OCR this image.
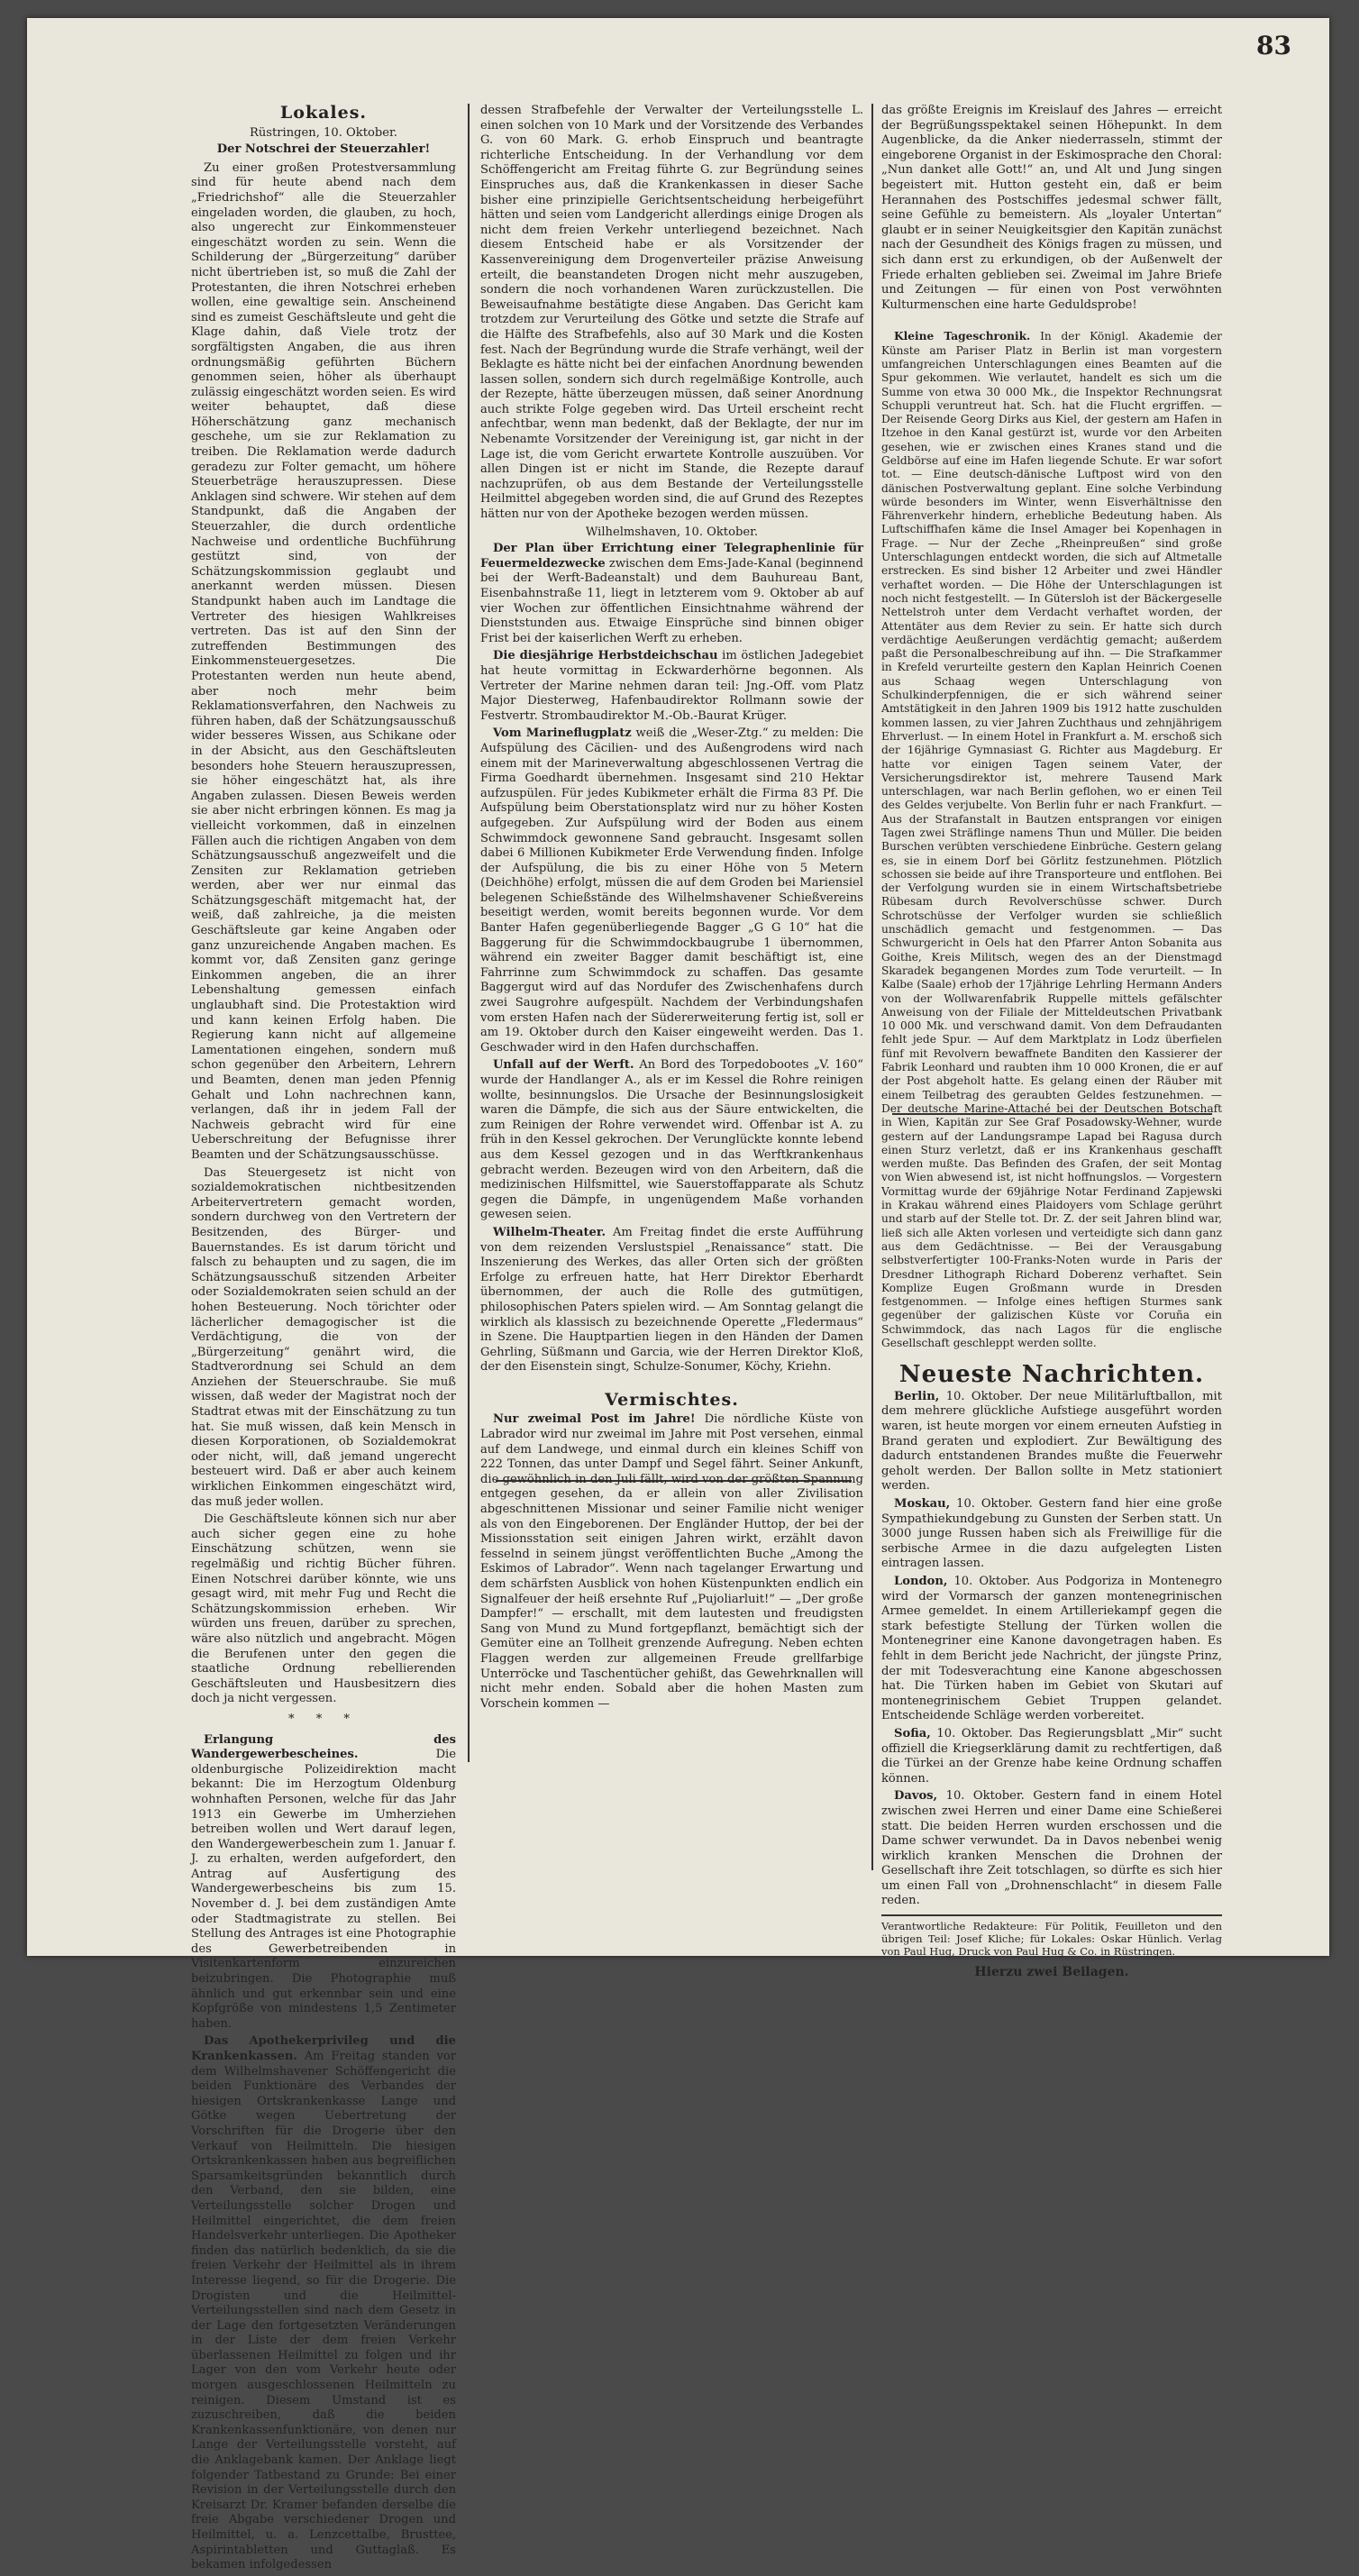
83
Lokales.

Rüstringen, 10. Oktober.

Der Notschrei der Steuerzahler!

Zu einer großen Protestversammlung sind für heute abend nach dem „Friedrichshof“ alle die Steuerzahler eingeladen worden, die glauben, zu hoch, also ungerecht zur Einkommensteuer eingeschätzt worden zu sein. Wenn die Schilderung der „Bürgerzeitung“ darüber nicht übertrieben ist, so muß die Zahl der Protestanten, die ihren Notschrei erheben wollen, eine gewaltige sein. Anscheinend sind es zumeist Geschäftsleute und geht die Klage dahin, daß Viele trotz der sorgfältigsten Angaben, die aus ihren ordnungsmäßig geführten Büchern genommen seien, höher als überhaupt zulässig eingeschätzt worden seien. Es wird weiter behauptet, daß diese Höherschätzung ganz mechanisch geschehe, um sie zur Reklamation zu treiben. Die Reklamation werde dadurch geradezu zur Folter gemacht, um höhere Steuerbeträge herauszupressen. Diese Anklagen sind schwere. Wir stehen auf dem Standpunkt, daß die Angaben der Steuerzahler, die durch ordentliche Nachweise und ordentliche Buchführung gestützt sind, von der Schätzungskommission geglaubt und anerkannt werden müssen. Diesen Standpunkt haben auch im Landtage die Vertreter des hiesigen Wahlkreises vertreten. Das ist auf den Sinn der zutreffenden Bestimmungen des Einkommensteuergesetzes. Die Protestanten werden nun heute abend, aber noch mehr beim Reklamationsverfahren, den Nachweis zu führen haben, daß der Schätzungsausschuß wider besseres Wissen, aus Schikane oder in der Absicht, aus den Geschäftsleuten besonders hohe Steuern herauszupressen, sie höher eingeschätzt hat, als ihre Angaben zulassen. Diesen Beweis werden sie aber nicht erbringen können. Es mag ja vielleicht vorkommen, daß in einzelnen Fällen auch die richtigen Angaben von dem Schätzungsausschuß angezweifelt und die Zensiten zur Reklamation getrieben werden, aber wer nur einmal das Schätzungsgeschäft mitgemacht hat, der weiß, daß zahlreiche, ja die meisten Geschäftsleute gar keine Angaben oder ganz unzureichende Angaben machen. Es kommt vor, daß Zensiten ganz geringe Einkommen angeben, die an ihrer Lebenshaltung gemessen einfach unglaubhaft sind. Die Protestaktion wird und kann keinen Erfolg haben. Die Regierung kann nicht auf allgemeine Lamentationen eingehen, sondern muß schon gegenüber den Arbeitern, Lehrern und Beamten, denen man jeden Pfennig Gehalt und Lohn nachrechnen kann, verlangen, daß ihr in jedem Fall der Nachweis gebracht wird für eine Ueberschreitung der Befugnisse ihrer Beamten und der Schätzungsausschüsse.

Das Steuergesetz ist nicht von sozialdemokratischen nichtbesitzenden Arbeitervertretern gemacht worden, sondern durchweg von den Vertretern der Besitzenden, des Bürger- und Bauernstandes. Es ist darum töricht und falsch zu behaupten und zu sagen, die im Schätzungsausschuß sitzenden Arbeiter oder Sozialdemokraten seien schuld an der hohen Besteuerung. Noch törichter oder lächerlicher demagogischer ist die Verdächtigung, die von der „Bürgerzeitung“ genährt wird, die Stadtverordnung sei Schuld an dem Anziehen der Steuerschraube. Sie muß wissen, daß weder der Magistrat noch der Stadtrat etwas mit der Einschätzung zu tun hat. Sie muß wissen, daß kein Mensch in diesen Korporationen, ob Sozialdemokrat oder nicht, will, daß jemand ungerecht besteuert wird. Daß er aber auch keinem wirklichen Einkommen eingeschätzt wird, das muß jeder wollen.

Die Geschäftsleute können sich nur aber auch sicher gegen eine zu hohe Einschätzung schützen, wenn sie regelmäßig und richtig Bücher führen. Einen Notschrei darüber könnte, wie uns gesagt wird, mit mehr Fug und Recht die Schätzungskommission erheben. Wir würden uns freuen, darüber zu sprechen, wäre also nützlich und angebracht. Mögen die Berufenen unter den gegen die staatliche Ordnung rebellierenden Geschäftsleuten und Hausbesitzern dies doch ja nicht vergessen.

* * *

Erlangung des Wandergewerbescheines.	Die oldenburgische Polizeidirektion macht bekannt: Die im Herzogtum Oldenburg wohnhaften Personen, welche für das Jahr 1913 ein Gewerbe im Umherziehen betreiben wollen und Wert darauf legen, den Wandergewerbeschein zum 1. Januar f. J. zu erhalten, werden aufgefordert, den Antrag auf Ausfertigung des Wandergewerbescheins bis zum 15. November d. J. bei dem zuständigen Amte oder Stadtmagistrate zu stellen. Bei Stellung des Antrages ist eine Photographie des Gewerbetreibenden in Visitenkartenform einzureichen beizubringen. Die Photographie muß ähnlich und gut erkennbar sein und eine Kopfgröße von mindestens 1,5 Zentimeter haben.

Das Apothekerprivileg und die Krankenkassen. Am Freitag standen vor dem Wilhelmshavener Schöffengericht die beiden Funktionäre des Verbandes der hiesigen Ortskrankenkasse Lange und Götke wegen Uebertretung der Vorschriften für die Drogerie über den Verkauf von Heilmitteln. Die hiesigen Ortskrankenkassen haben aus begreiflichen Sparsamkeitsgründen bekanntlich durch den Verband, den sie bilden, eine Verteilungsstelle solcher Drogen und Heilmittel eingerichtet, die dem freien Handelsverkehr unterliegen. Die Apotheker finden das natürlich bedenklich, da sie die freien Verkehr der Heilmittel als in ihrem Interesse liegend, so für die Drogerie. Die Drogisten und die Heilmittel-Verteilungsstellen sind nach dem Gesetz in der Lage den fortgesetzten Veränderungen in der Liste der dem freien Verkehr überlassenen Heilmittel zu folgen und ihr Lager von den vom Verkehr heute oder morgen ausgeschlossenen Heilmitteln zu reinigen. Diesem Umstand ist es zuzuschreiben, daß die beiden Krankenkassenfunktionäre, von denen nur Lange der Verteilungsstelle vorsteht, auf die Anklagebank kamen. Der Anklage liegt folgender Tatbestand zu Grunde: Bei einer Revision in der Verteilungsstelle durch den Kreisarzt Dr. Kramer befanden derselbe die freie Abgabe verschiedener Drogen und Heilmittel, u. a. Lenzcettalbe, Brusttee, Aspirintabletten und Guttaglaß. Es bekamen infolgedessen

dessen Strafbefehle der Verwalter der Verteilungsstelle L. einen solchen von 10 Mark und der Vorsitzende des Verbandes G. von 60 Mark. G. erhob Einspruch und beantragte richterliche Entscheidung. In der Verhandlung vor dem Schöffengericht am Freitag führte G. zur Begründung seines Einspruches aus, daß die Krankenkassen in dieser Sache bisher eine prinzipielle Gerichtsentscheidung herbeigeführt hätten und seien vom Landgericht allerdings einige Drogen als nicht dem freien Verkehr unterliegend bezeichnet. Nach diesem Entscheid habe er als Vorsitzender der Kassenvereinigung dem Drogenverteiler präzise Anweisung erteilt, die beanstandeten Drogen nicht mehr auszugeben, sondern die noch vorhandenen Waren zurückzustellen. Die Beweisaufnahme bestätigte diese Angaben. Das Gericht kam trotzdem zur Verurteilung des Götke und setzte die Strafe auf die Hälfte des Strafbefehls, also auf 30 Mark und die Kosten fest. Nach der Begründung wurde die Strafe verhängt, weil der Beklagte es hätte nicht bei der einfachen Anordnung bewenden lassen sollen, sondern sich durch regelmäßige Kontrolle, auch der Rezepte, hätte überzeugen müssen, daß seiner Anordnung auch strikte Folge gegeben wird. Das Urteil erscheint recht anfechtbar, wenn man bedenkt, daß der Beklagte, der nur im Nebenamte Vorsitzender der Vereinigung ist, gar nicht in der Lage ist, die vom Gericht erwartete Kontrolle auszuüben. Vor allen Dingen ist er nicht im Stande, die Rezepte darauf nachzuprüfen, ob aus dem Bestande der Verteilungsstelle Heilmittel abgegeben worden sind, die auf Grund des Rezeptes hätten nur von der Apotheke bezogen werden müssen.

Wilhelmshaven, 10. Oktober.

Der Plan über Errichtung einer Telegraphenlinie für Feuermeldezwecke zwischen dem Ems-Jade-Kanal (beginnend bei der Werft-Badeanstalt) und dem Bauhureau Bant, Eisenbahnstraße 11, liegt in letzterem vom 9. Oktober ab auf vier Wochen zur öffentlichen Einsichtnahme während der Dienststunden aus. Etwaige Einsprüche sind binnen obiger Frist bei der kaiserlichen Werft zu erheben.

Die diesjährige Herbstdeichschau im östlichen Jadegebiet hat heute vormittag in Eckwarderhörne begonnen. Als Vertreter der Marine nehmen daran teil: Jng.-Off. vom Platz Major Diesterweg, Hafenbaudirektor Rollmann sowie der Festvertr. Strombaudirektor M.-Ob.-Baurat Krüger.

Vom Marineflugplatz weiß die „Weser-Ztg.“ zu melden: Die Aufspülung des Cäcilien- und des Außengrodens wird nach einem mit der Marineverwaltung abgeschlossenen Vertrag die Firma Goedhardt übernehmen. Insgesamt sind 210 Hektar aufzuspülen. Für jedes Kubikmeter erhält die Firma 83 Pf. Die Aufspülung beim Oberstationsplatz wird nur zu höher Kosten aufgegeben. Zur Aufspülung wird der Boden aus einem Schwimmdock gewonnene Sand gebraucht. Insgesamt sollen dabei 6 Millionen Kubikmeter Erde Verwendung finden. Infolge der Aufspülung, die bis zu einer Höhe von 5 Metern (Deichhöhe) erfolgt, müssen die auf dem Groden bei Mariensiel belegenen Schießstände des Wilhelmshavener Schießvereins beseitigt werden, womit bereits begonnen wurde. Vor dem Banter Hafen gegenüberliegende Bagger „G G 10“ hat die Baggerung für die Schwimmdockbaugrube 1 übernommen, während ein zweiter Bagger damit beschäftigt ist, eine Fahrrinne zum Schwimmdock zu schaffen. Das gesamte Baggergut wird auf das Nordufer des Zwischenhafens durch zwei Saugrohre aufgespült. Nachdem der Verbindungshafen vom ersten Hafen nach der Südererweiterung fertig ist, soll er am 19. Oktober durch den Kaiser eingeweiht werden. Das 1. Geschwader wird in den Hafen durchschaffen.

Unfall auf der Werft. An Bord des Torpedobootes „V. 160“ wurde der Handlanger A., als er im Kessel die Rohre reinigen wollte, besinnungslos. Die Ursache der Besinnungslosigkeit waren die Dämpfe, die sich aus der Säure entwickelten, die zum Reinigen der Rohre verwendet wird. Offenbar ist A. zu früh in den Kessel gekrochen. Der Verunglückte konnte lebend aus dem Kessel gezogen und in das Werftkrankenhaus gebracht werden. Bezeugen wird von den Arbeitern, daß die medizinischen Hilfsmittel, wie Sauerstoffapparate als Schutz gegen die Dämpfe, in ungenügendem Maße vorhanden gewesen seien.

Wilhelm-Theater. Am Freitag findet die erste Aufführung von dem reizenden Verslustspiel „Renaissance“ statt. Die Inszenierung des Werkes, das aller Orten sich der größten Erfolge zu erfreuen hatte, hat Herr Direktor Eberhardt übernommen, der auch die Rolle des gutmütigen, philosophischen Paters spielen wird. — Am Sonntag gelangt die wirklich als klassisch zu bezeichnende Operette „Fledermaus“ in Szene. Die Hauptpartien liegen in den Händen der Damen Gehrling, Süßmann und Garcia, wie der Herren Direktor Kloß, der den Eisenstein singt, Schulze-Sonumer, Köchy, Kriehn.

Vermischtes.

Nur zweimal Post im Jahre! Die nördliche Küste von Labrador wird nur zweimal im Jahre mit Post versehen, einmal auf dem Landwege, und einmal durch ein kleines Schiff von 222 Tonnen, das unter Dampf und Segel fährt. Seiner Ankunft, die gewöhnlich in den Juli fällt, wird von der größten Spannung entgegen gesehen, da er allein von aller Zivilisation abgeschnittenen Missionar und seiner Familie nicht weniger als von den Eingeborenen. Der Engländer Huttop, der bei der Missionsstation seit einigen Jahren wirkt, erzählt davon fesselnd in seinem jüngst veröffentlichten Buche „Among the Eskimos of Labrador“. Wenn nach tagelanger Erwartung und dem schärfsten Ausblick von hohen Küstenpunkten endlich ein Signalfeuer der heiß ersehnte Ruf „Pujoliarluit!“ — „Der große Dampfer!“ — erschallt, mit dem lautesten und freudigsten Sang von Mund zu Mund fortgepflanzt, bemächtigt sich der Gemüter eine an Tollheit grenzende Aufregung. Neben echten Flaggen werden zur allgemeinen Freude grellfarbige Unterröcke und Taschentücher gehißt, das Gewehrknallen will nicht mehr enden. Sobald aber die hohen Masten zum Vorschein kommen —

das größte Ereignis im Kreislauf des Jahres — erreicht der Begrüßungsspektakel seinen Höhepunkt. In dem Augenblicke, da die Anker niederrasseln, stimmt der eingeborene Organist in der Eskimosprache den Choral: „Nun danket alle Gott!“ an, und Alt und Jung singen begeistert mit. Hutton gesteht ein, daß er beim Herannahen des Postschiffes jedesmal schwer fällt, seine Gefühle zu bemeistern. Als „loyaler Untertan“ glaubt er in seiner Neuigkeitsgier den Kapitän zunächst nach der Gesundheit des Königs fragen zu müssen, und sich dann erst zu erkundigen, ob der Außenwelt der Friede erhalten geblieben sei. Zweimal im Jahre Briefe und Zeitungen — für einen von Post verwöhnten Kulturmenschen eine harte Geduldsprobe!

Kleine Tageschronik. In der Königl. Akademie der Künste am Pariser Platz in Berlin ist man vorgestern umfangreichen Unterschlagungen eines Beamten auf die Spur gekommen. Wie verlautet, handelt es sich um die Summe von etwa 30 000 Mk., die Inspektor Rechnungsrat Schuppli veruntreut hat. Sch. hat die Flucht ergriffen. — Der Reisende Georg Dirks aus Kiel, der gestern am Hafen in Itzehoe in den Kanal gestürzt ist, wurde vor den Arbeiten gesehen, wie er zwischen eines Kranes stand und die Geldbörse auf eine im Hafen liegende Schute. Er war sofort tot. — Eine deutsch-dänische Luftpost wird von den dänischen Postverwaltung geplant. Eine solche Verbindung würde besonders im Winter, wenn Eisverhältnisse den Fährenverkehr hindern, erhebliche Bedeutung haben. Als Luftschiffhafen käme die Insel Amager bei Kopenhagen in Frage. — Nur der Zeche „Rheinpreußen“ sind große Unterschlagungen entdeckt worden, die sich auf Altmetalle erstrecken. Es sind bisher 12 Arbeiter und zwei Händler verhaftet worden. — Die Höhe der Unterschlagungen ist noch nicht festgestellt. — In Gütersloh ist der Bäckergeselle Nettelstroh unter dem Verdacht verhaftet worden, der Attentäter aus dem Revier zu sein. Er hatte sich durch verdächtige Aeußerungen verdächtig gemacht; außerdem paßt die Personalbeschreibung auf ihn. — Die Strafkammer in Krefeld verurteilte gestern den Kaplan Heinrich Coenen aus Schaag wegen Unterschlagung von Schulkinderpfennigen, die er sich während seiner Amtstätigkeit in den Jahren 1909 bis 1912 hatte zuschulden kommen lassen, zu vier Jahren Zuchthaus und zehnjährigem Ehrverlust. — In einem Hotel in Frankfurt a. M. erschoß sich der 16jährige Gymnasiast G. Richter aus Magdeburg. Er hatte vor einigen Tagen seinem Vater, der Versicherungsdirektor ist, mehrere Tausend Mark unterschlagen, war nach Berlin geflohen, wo er einen Teil des Geldes verjubelte. Von Berlin fuhr er nach Frankfurt. — Aus der Strafanstalt in Bautzen entsprangen vor einigen Tagen zwei Sträflinge namens Thun und Müller. Die beiden Burschen verübten verschiedene Einbrüche. Gestern gelang es, sie in einem Dorf bei Görlitz festzunehmen. Plötzlich schossen sie beide auf ihre Transporteure und entflohen. Bei der Verfolgung wurden sie in einem Wirtschaftsbetriebe Rübesam durch Revolverschüsse schwer. Durch Schrotschüsse der Verfolger wurden sie schließlich unschädlich gemacht und festgenommen. — Das Schwurgericht in Oels hat den Pfarrer Anton Sobanita aus Goithe, Kreis Militsch, wegen des an der Dienstmagd Skaradek begangenen Mordes zum Tode verurteilt. — In Kalbe (Saale) erhob der 17jährige Lehrling Hermann Anders von der Wollwarenfabrik Ruppelle mittels gefälschter Anweisung von der Filiale der Mitteldeutschen Privatbank 10 000 Mk. und verschwand damit. Von dem Defraudanten fehlt jede Spur. — Auf dem Marktplatz in Lodz überfielen fünf mit Revolvern bewaffnete Banditen den Kassierer der Fabrik Leonhard und raubten ihm 10 000 Kronen, die er auf der Post abgeholt hatte. Es gelang einen der Räuber mit einem Teilbetrag des geraubten Geldes festzunehmen. — Der deutsche Marine-Attaché bei der Deutschen Botschaft in Wien, Kapitän zur See Graf Posadowsky-Wehner, wurde gestern auf der Landungsrampe Lapad bei Ragusa durch einen Sturz verletzt, daß er ins Krankenhaus geschafft werden mußte. Das Befinden des Grafen, der seit Montag von Wien abwesend ist, ist nicht hoffnungslos. — Vorgestern Vormittag wurde der 69jährige Notar Ferdinand Zapjewski in Krakau während eines Plaidoyers vom Schlage gerührt und starb auf der Stelle tot. Dr. Z. der seit Jahren blind war, ließ sich alle Akten vorlesen und verteidigte sich dann ganz aus dem Gedächtnisse. — Bei der Verausgabung selbstverfertigter 100-Franks-Noten wurde in Paris der Dresdner Lithograph Richard Doberenz verhaftet. Sein Komplize Eugen Großmann wurde in Dresden festgenommen. — Infolge eines heftigen Sturmes sank gegenüber der galizischen Küste vor Coruña ein Schwimmdock, das nach Lagos für die englische Gesellschaft geschleppt werden sollte.

Neueste Nachrichten.

Berlin, 10. Oktober. Der neue Militärluftballon, mit dem mehrere glückliche Aufstiege ausgeführt worden waren, ist heute morgen vor einem erneuten Aufstieg in Brand geraten und explodiert. Zur Bewältigung des dadurch entstandenen Brandes mußte die Feuerwehr geholt werden. Der Ballon sollte in Metz stationiert werden.

Moskau, 10. Oktober. Gestern fand hier eine große Sympathiekundgebung zu Gunsten der Serben statt. Un 3000 junge Russen haben sich als Freiwillige für die serbische Armee in die dazu aufgelegten Listen eintragen lassen.

London, 10. Oktober. Aus Podgoriza in Montenegro wird der Vormarsch der ganzen montenegrinischen Armee gemeldet. In einem Artilleriekampf gegen die stark befestigte Stellung der Türken wollen die Montenegriner eine Kanone davongetragen haben. Es fehlt in dem Bericht jede Nachricht, der jüngste Prinz, der mit Todesverachtung eine Kanone abgeschossen hat. Die Türken haben im Gebiet von Skutari auf montenegrinischem Gebiet Truppen gelandet. Entscheidende Schläge werden vorbereitet.

Sofia, 10. Oktober. Das Regierungsblatt „Mir“ sucht offiziell die Kriegserklärung damit zu rechtfertigen, daß die Türkei an der Grenze habe keine Ordnung schaffen können.

Davos, 10. Oktober. Gestern fand in einem Hotel zwischen zwei Herren und einer Dame eine Schießerei statt. Die beiden Herren wurden erschossen und die Dame schwer verwundet. Da in Davos nebenbei wenig wirklich kranken Menschen die Drohnen der Gesellschaft ihre Zeit totschlagen, so dürfte es sich hier um einen Fall von „Drohnenschlacht“ in diesem Falle reden.

Verantwortliche Redakteure: Für Politik, Feuilleton und den übrigen Teil: Josef Kliche; für Lokales: Oskar Hünlich. Verlag von Paul Hug, Druck von Paul Hug & Co. in Rüstringen.

Hierzu zwei Beilagen.
